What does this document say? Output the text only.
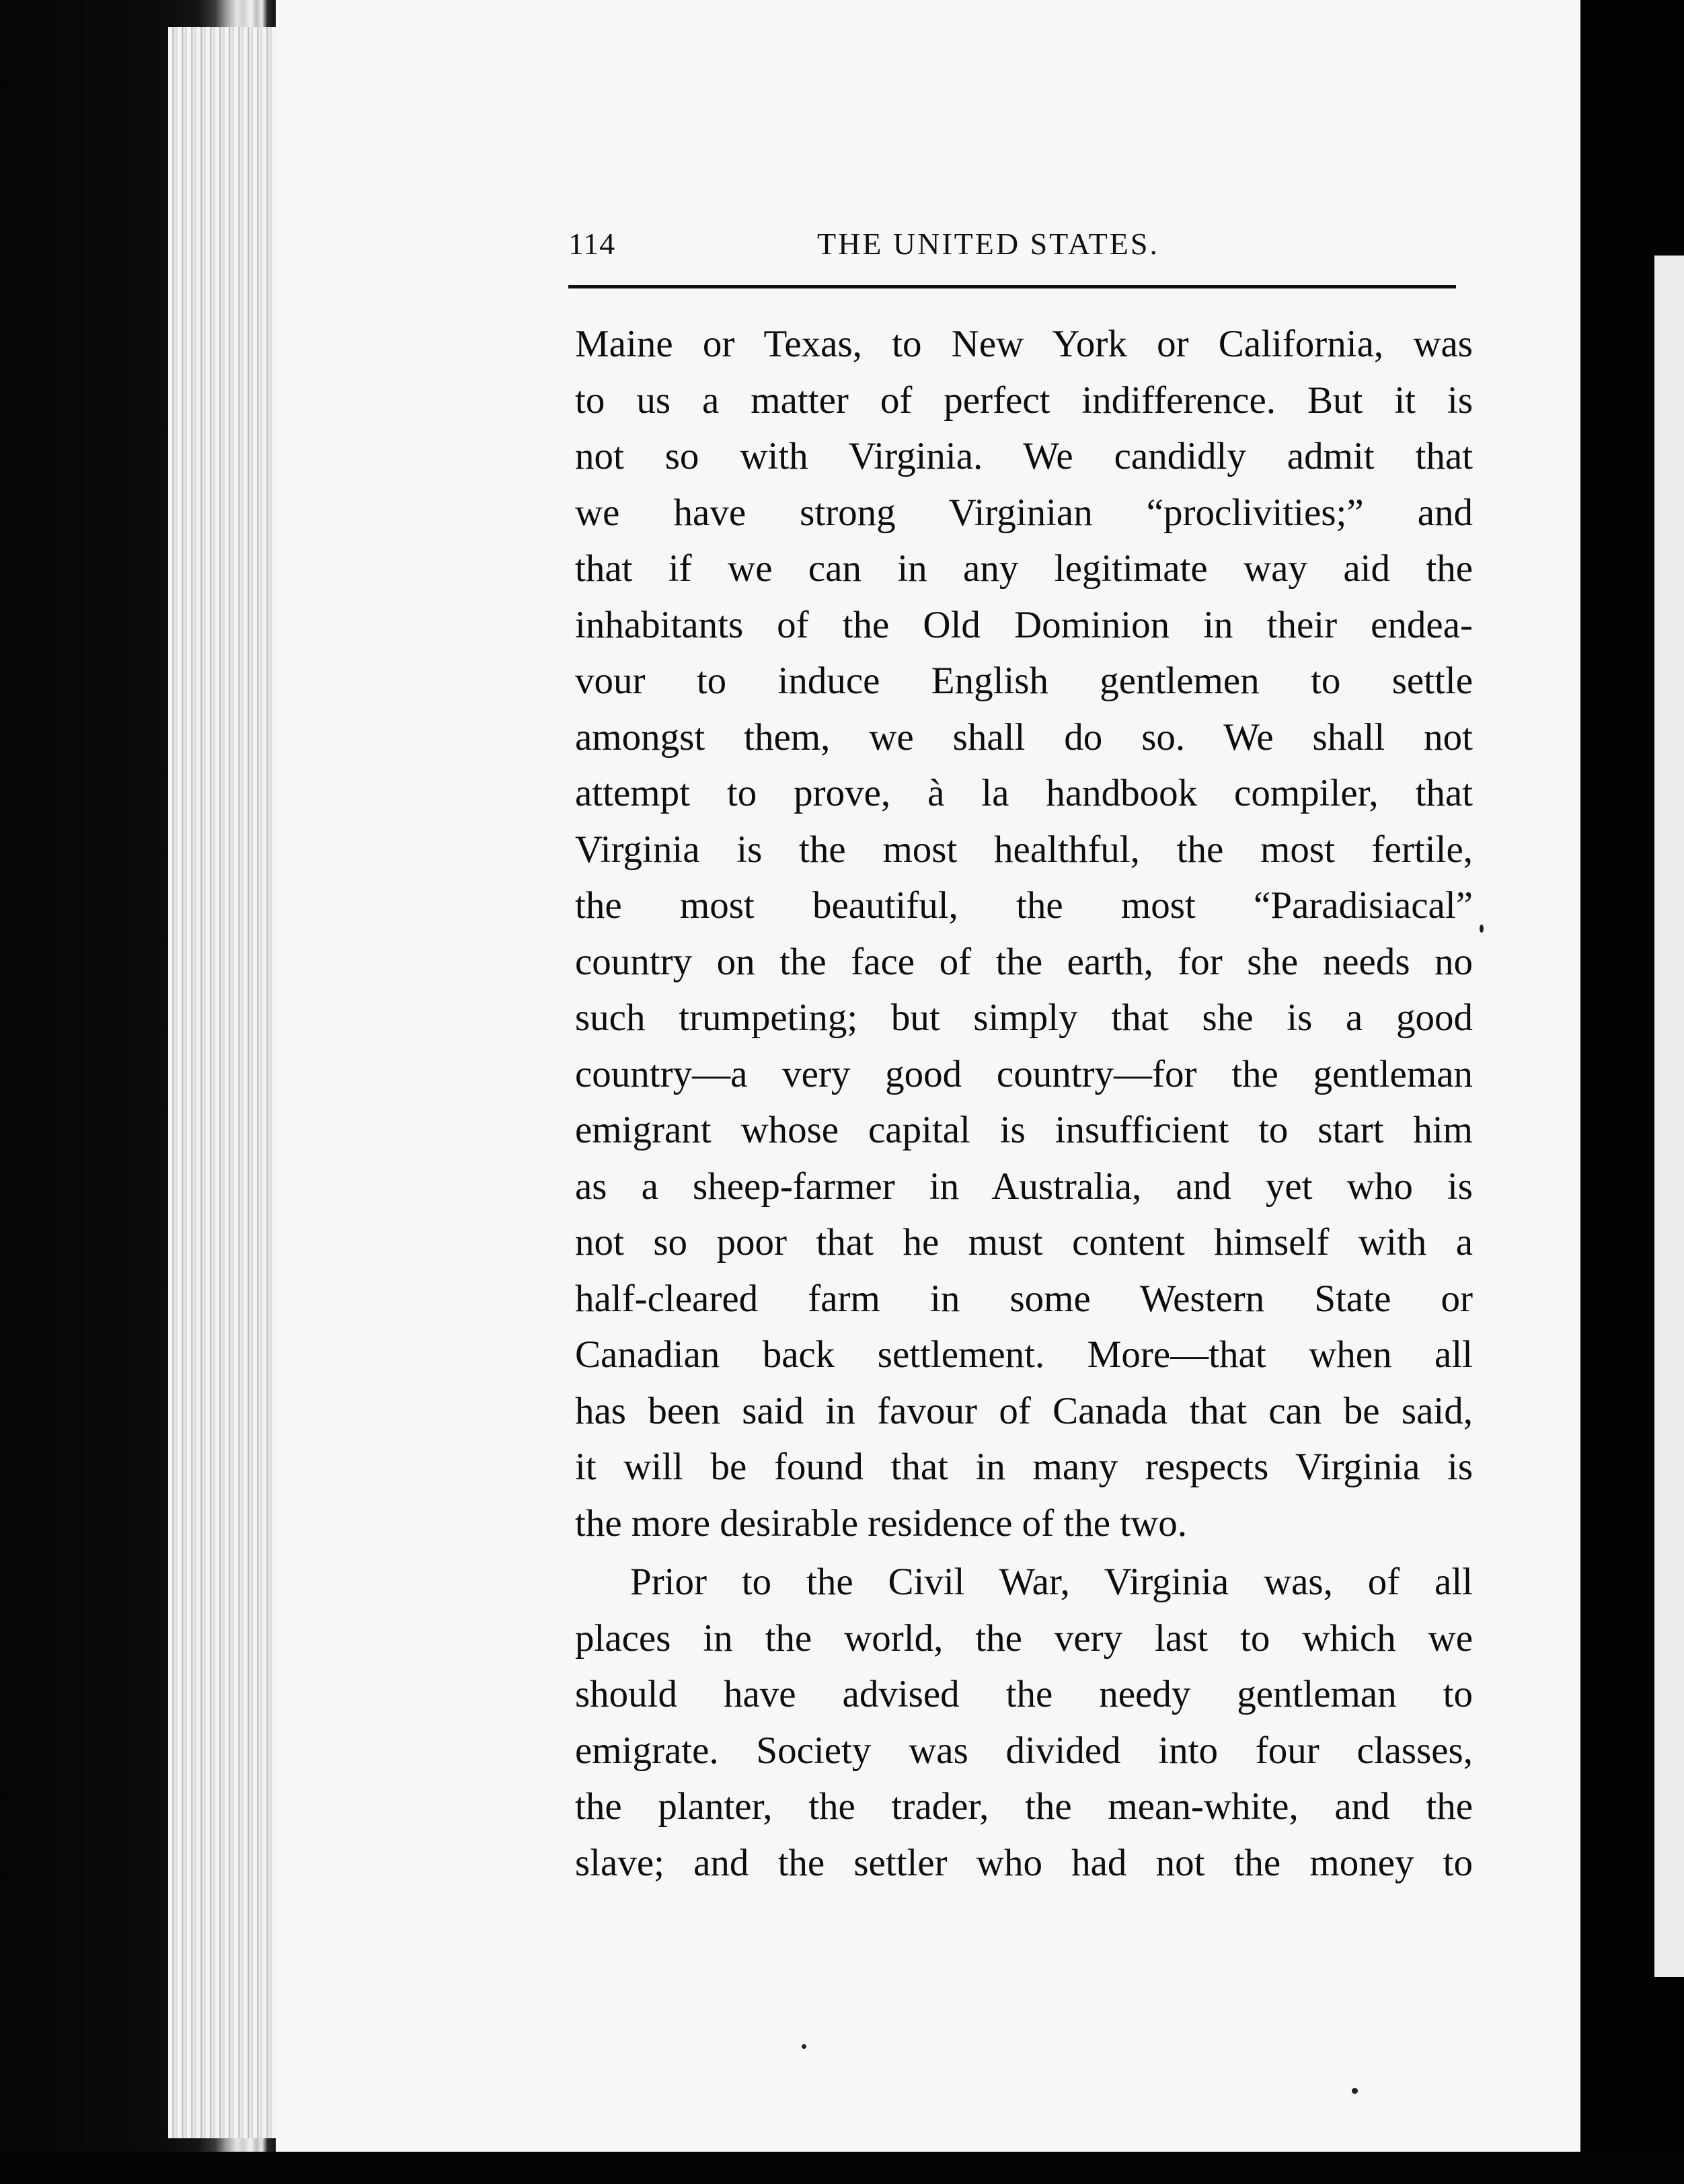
114	THE UNITED STATES.
Maine or Texas, to New York or California, was
to us a matter of perfect indifference. But it is
not so with Virginia. We candidly admit that
we have strong Virginian “proclivities;” and
that if we can in any legitimate way aid the
inhabitants of the Old Dominion in their endea-
vour to induce English gentlemen to settle
amongst them, we shall do so. We shall not
attempt to prove, à la handbook compiler, that
Virginia is the most healthful, the most fertile,
the most beautiful, the most “Paradisiacal”
country on the face of the earth, for she needs no
such trumpeting; but simply that she is a good
country—a very good country—for the gentleman
emigrant whose capital is insufficient to start him
as a sheep-farmer in Australia, and yet who is
not so poor that he must content himself with a
half-cleared farm in some Western State or
Canadian back settlement. More—that when all
has been said in favour of Canada that can be said,
it will be found that in many respects Virginia is
the more desirable residence of the two.
Prior to the Civil War, Virginia was, of all
places in the world, the very last to which we
should have advised the needy gentleman to
emigrate. Society was divided into four classes,
the planter, the trader, the mean-white, and the
slave; and the settler who had not the money to
